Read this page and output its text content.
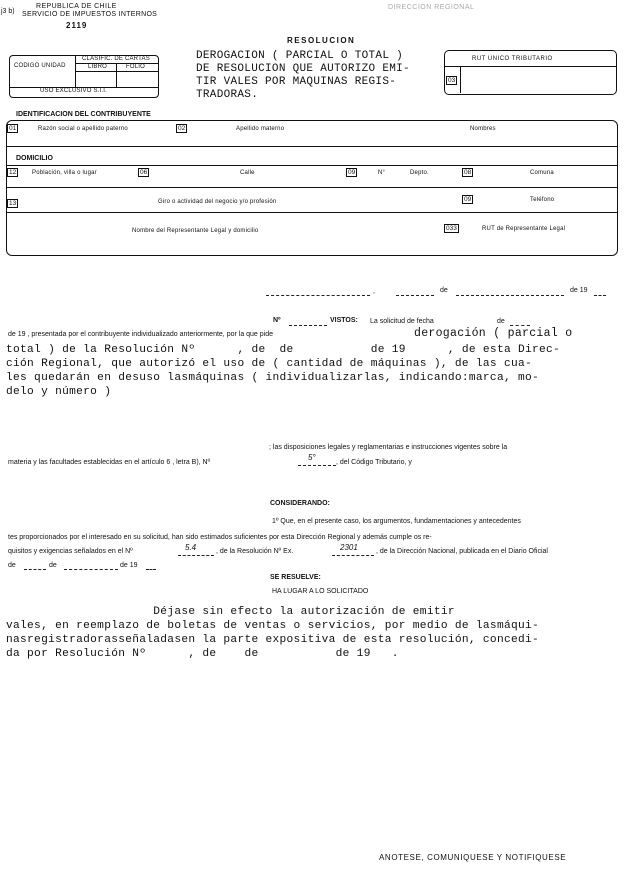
j3 b)
REPUBLICA DE CHILE
SERVICIO DE IMPUESTOS INTERNOS
2119
DIRECCION REGIONAL
RESOLUCION
CODIGO UNIDAD
CLASIFIC. DE CARTAS
LIBRO	FOLIO
USO EXCLUSIVO S.I.I.
DEROGACION ( PARCIAL O TOTAL )
DE RESOLUCION QUE AUTORIZO EMI-
TIR VALES POR MAQUINAS REGIS-
TRADORAS.
RUT UNICO TRIBUTARIO
03
IDENTIFICACION DEL CONTRIBUYENTE
01	Razón social o apellido paterno	02	Apellido materno	Nombres
DOMICILIO
12	Población, villa o lugar	06	Calle	09	N°	Depto.	08	Comuna
13	Giro o actividad del negocio y/o profesión	09	Teléfono
Nombre del Representante Legal y domicilio	033	RUT de Representante Legal
,	de	de 19
Nº	VISTOS: La solicitud de fecha	de
de 19 , presentada por el contribuyente individualizado anteriormente, por la que pide	derogación ( parcial o
total ) de la Resolución Nº      , de  de           de 19      , de esta Direc-
ción Regional, que autorizó el uso de ( cantidad de máquinas ), de las cua-
les quedarán en desuso lasmáquinas ( individualizarlas, indicando:marca, mo-
delo y número )
; las disposiciones legales y reglamentarias e instrucciones vigentes sobre la
materia y las facultades establecidas en el artículo 6 , letra B), Nº
5°
, del Código Tributario, y
CONSIDERANDO:
1º Que, en el presente caso, los argumentos, fundamentaciones y antecedentes
tes proporcionados por el interesado en su solicitud, han sido estimados suficientes por esta Dirección Regional y además cumple os re-
quisitos y exigencias señalados en el Nº	5.4	, de la Resolución Nº Ex.	2301	, de la Dirección Nacional, publicada en el Diario Oficial
de	de	de 19
SE RESUELVE:
HA LUGAR A LO SOLICITADO
Déjase sin efecto la autorización de emitir
vales, en reemplazo de boletas de ventas o servicios, por medio de lasmáqui-
nasregistradorasseñaladasen la parte expositiva de esta resolución, concedi-
da por Resolución Nº      , de    de           de 19   .
ANOTESE, COMUNIQUESE Y NOTIFIQUESE
